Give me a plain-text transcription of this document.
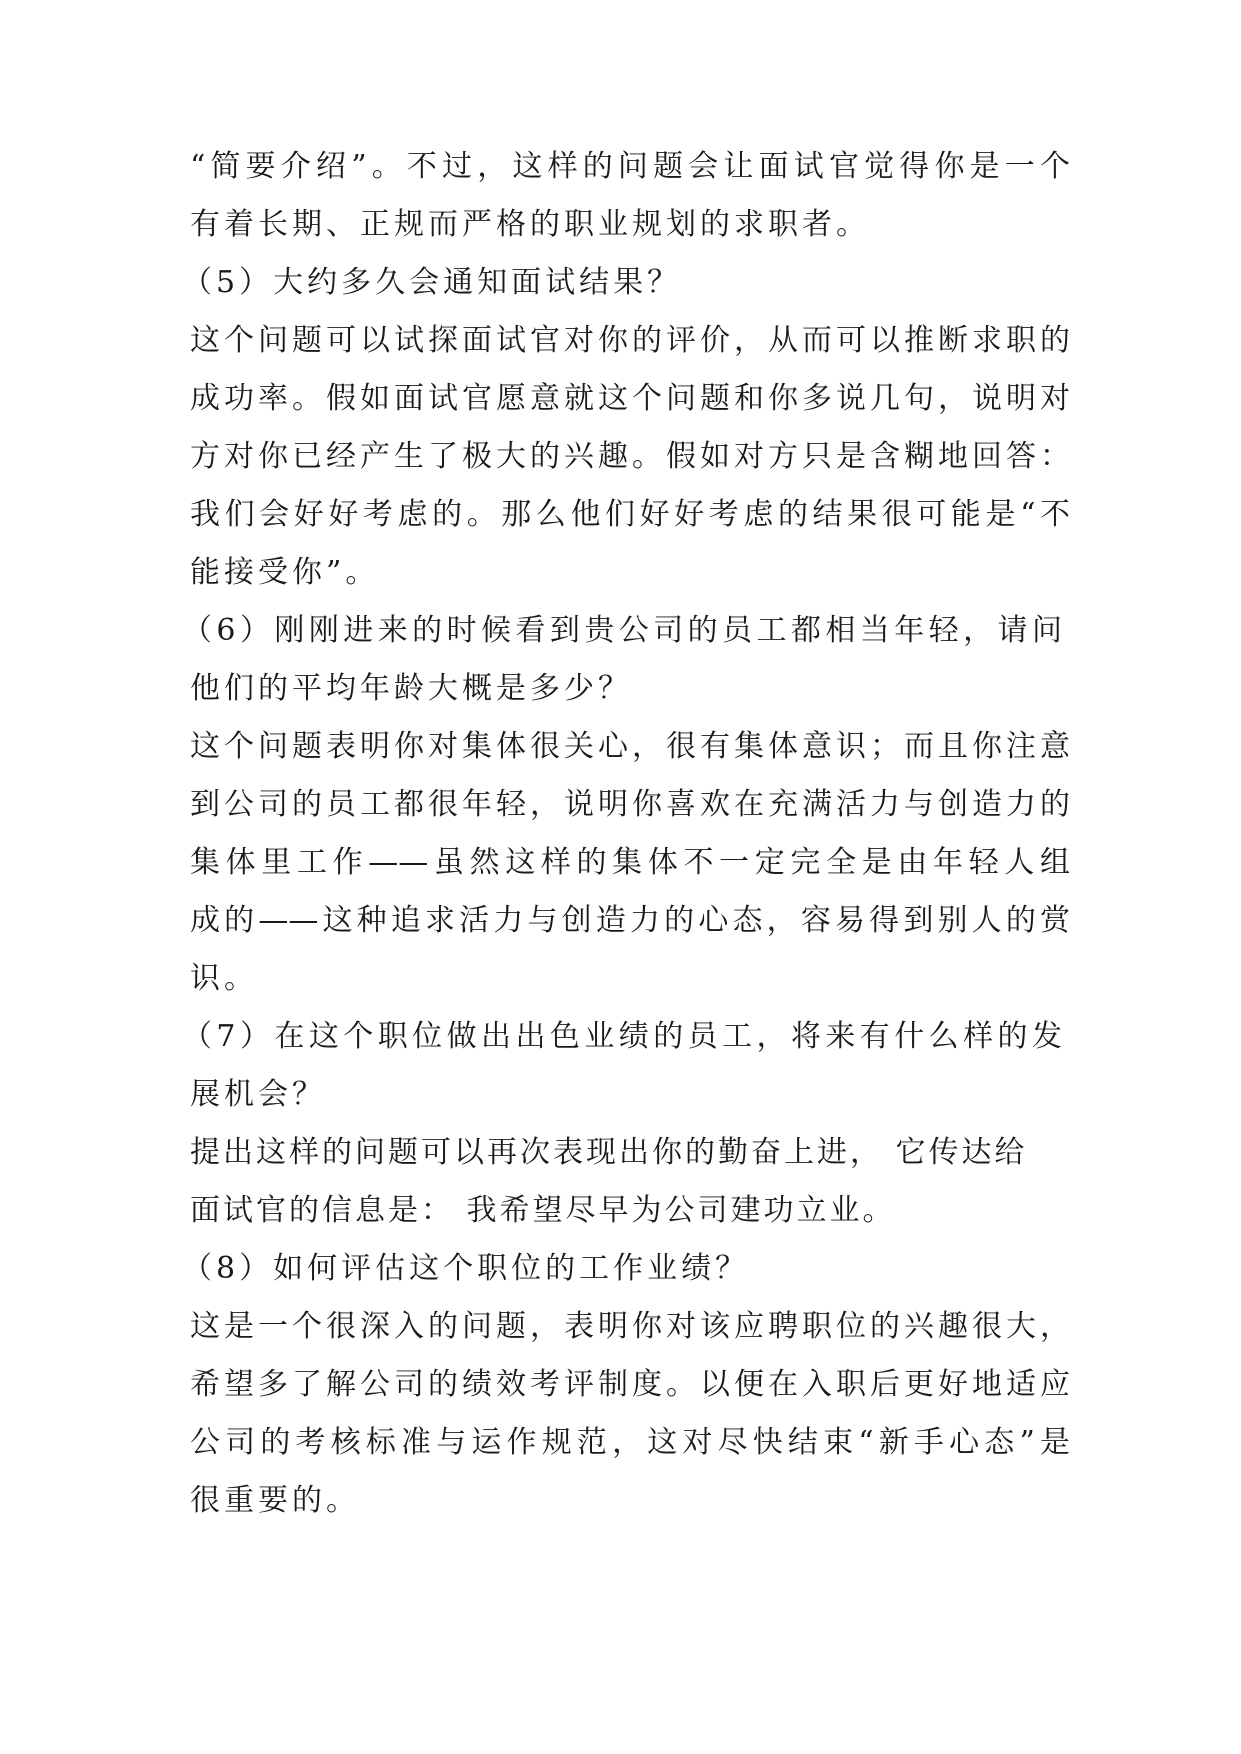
“简要介绍”。不过，这样的问题会让面试官觉得你是一个
有着长期、正规而严格的职业规划的求职者。
（5）大约多久会通知面试结果？
这个问题可以试探面试官对你的评价，从而可以推断求职的
成功率。假如面试官愿意就这个问题和你多说几句，说明对
方对你已经产生了极大的兴趣。假如对方只是含糊地回答：
我们会好好考虑的。那么他们好好考虑的结果很可能是“不
能接受你”。
（6）刚刚进来的时候看到贵公司的员工都相当年轻，请问
他们的平均年龄大概是多少？
这个问题表明你对集体很关心，很有集体意识；而且你注意
到公司的员工都很年轻，说明你喜欢在充满活力与创造力的
集体里工作——虽然这样的集体不一定完全是由年轻人组
成的——这种追求活力与创造力的心态，容易得到别人的赏
识。
（7）在这个职位做出出色业绩的员工，将来有什么样的发
展机会？
提出这样的问题可以再次表现出你的勤奋上进， 它传达给
面试官的信息是： 我希望尽早为公司建功立业。
（8）如何评估这个职位的工作业绩？
这是一个很深入的问题，表明你对该应聘职位的兴趣很大，
希望多了解公司的绩效考评制度。以便在入职后更好地适应
公司的考核标准与运作规范，这对尽快结束“新手心态”是
很重要的。
